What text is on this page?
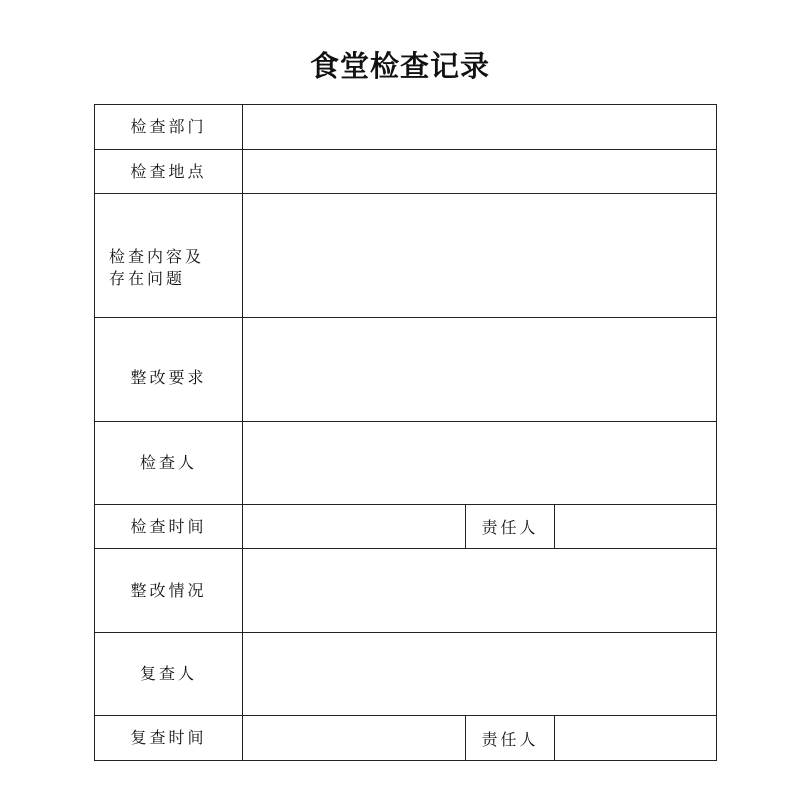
食堂检查记录
检查部门			
检查地点			

检查内容及
存在问题			

整改要求			
检查人			
检查时间		责任人	
整改情况			
复查人			
复查时间		责任人	
